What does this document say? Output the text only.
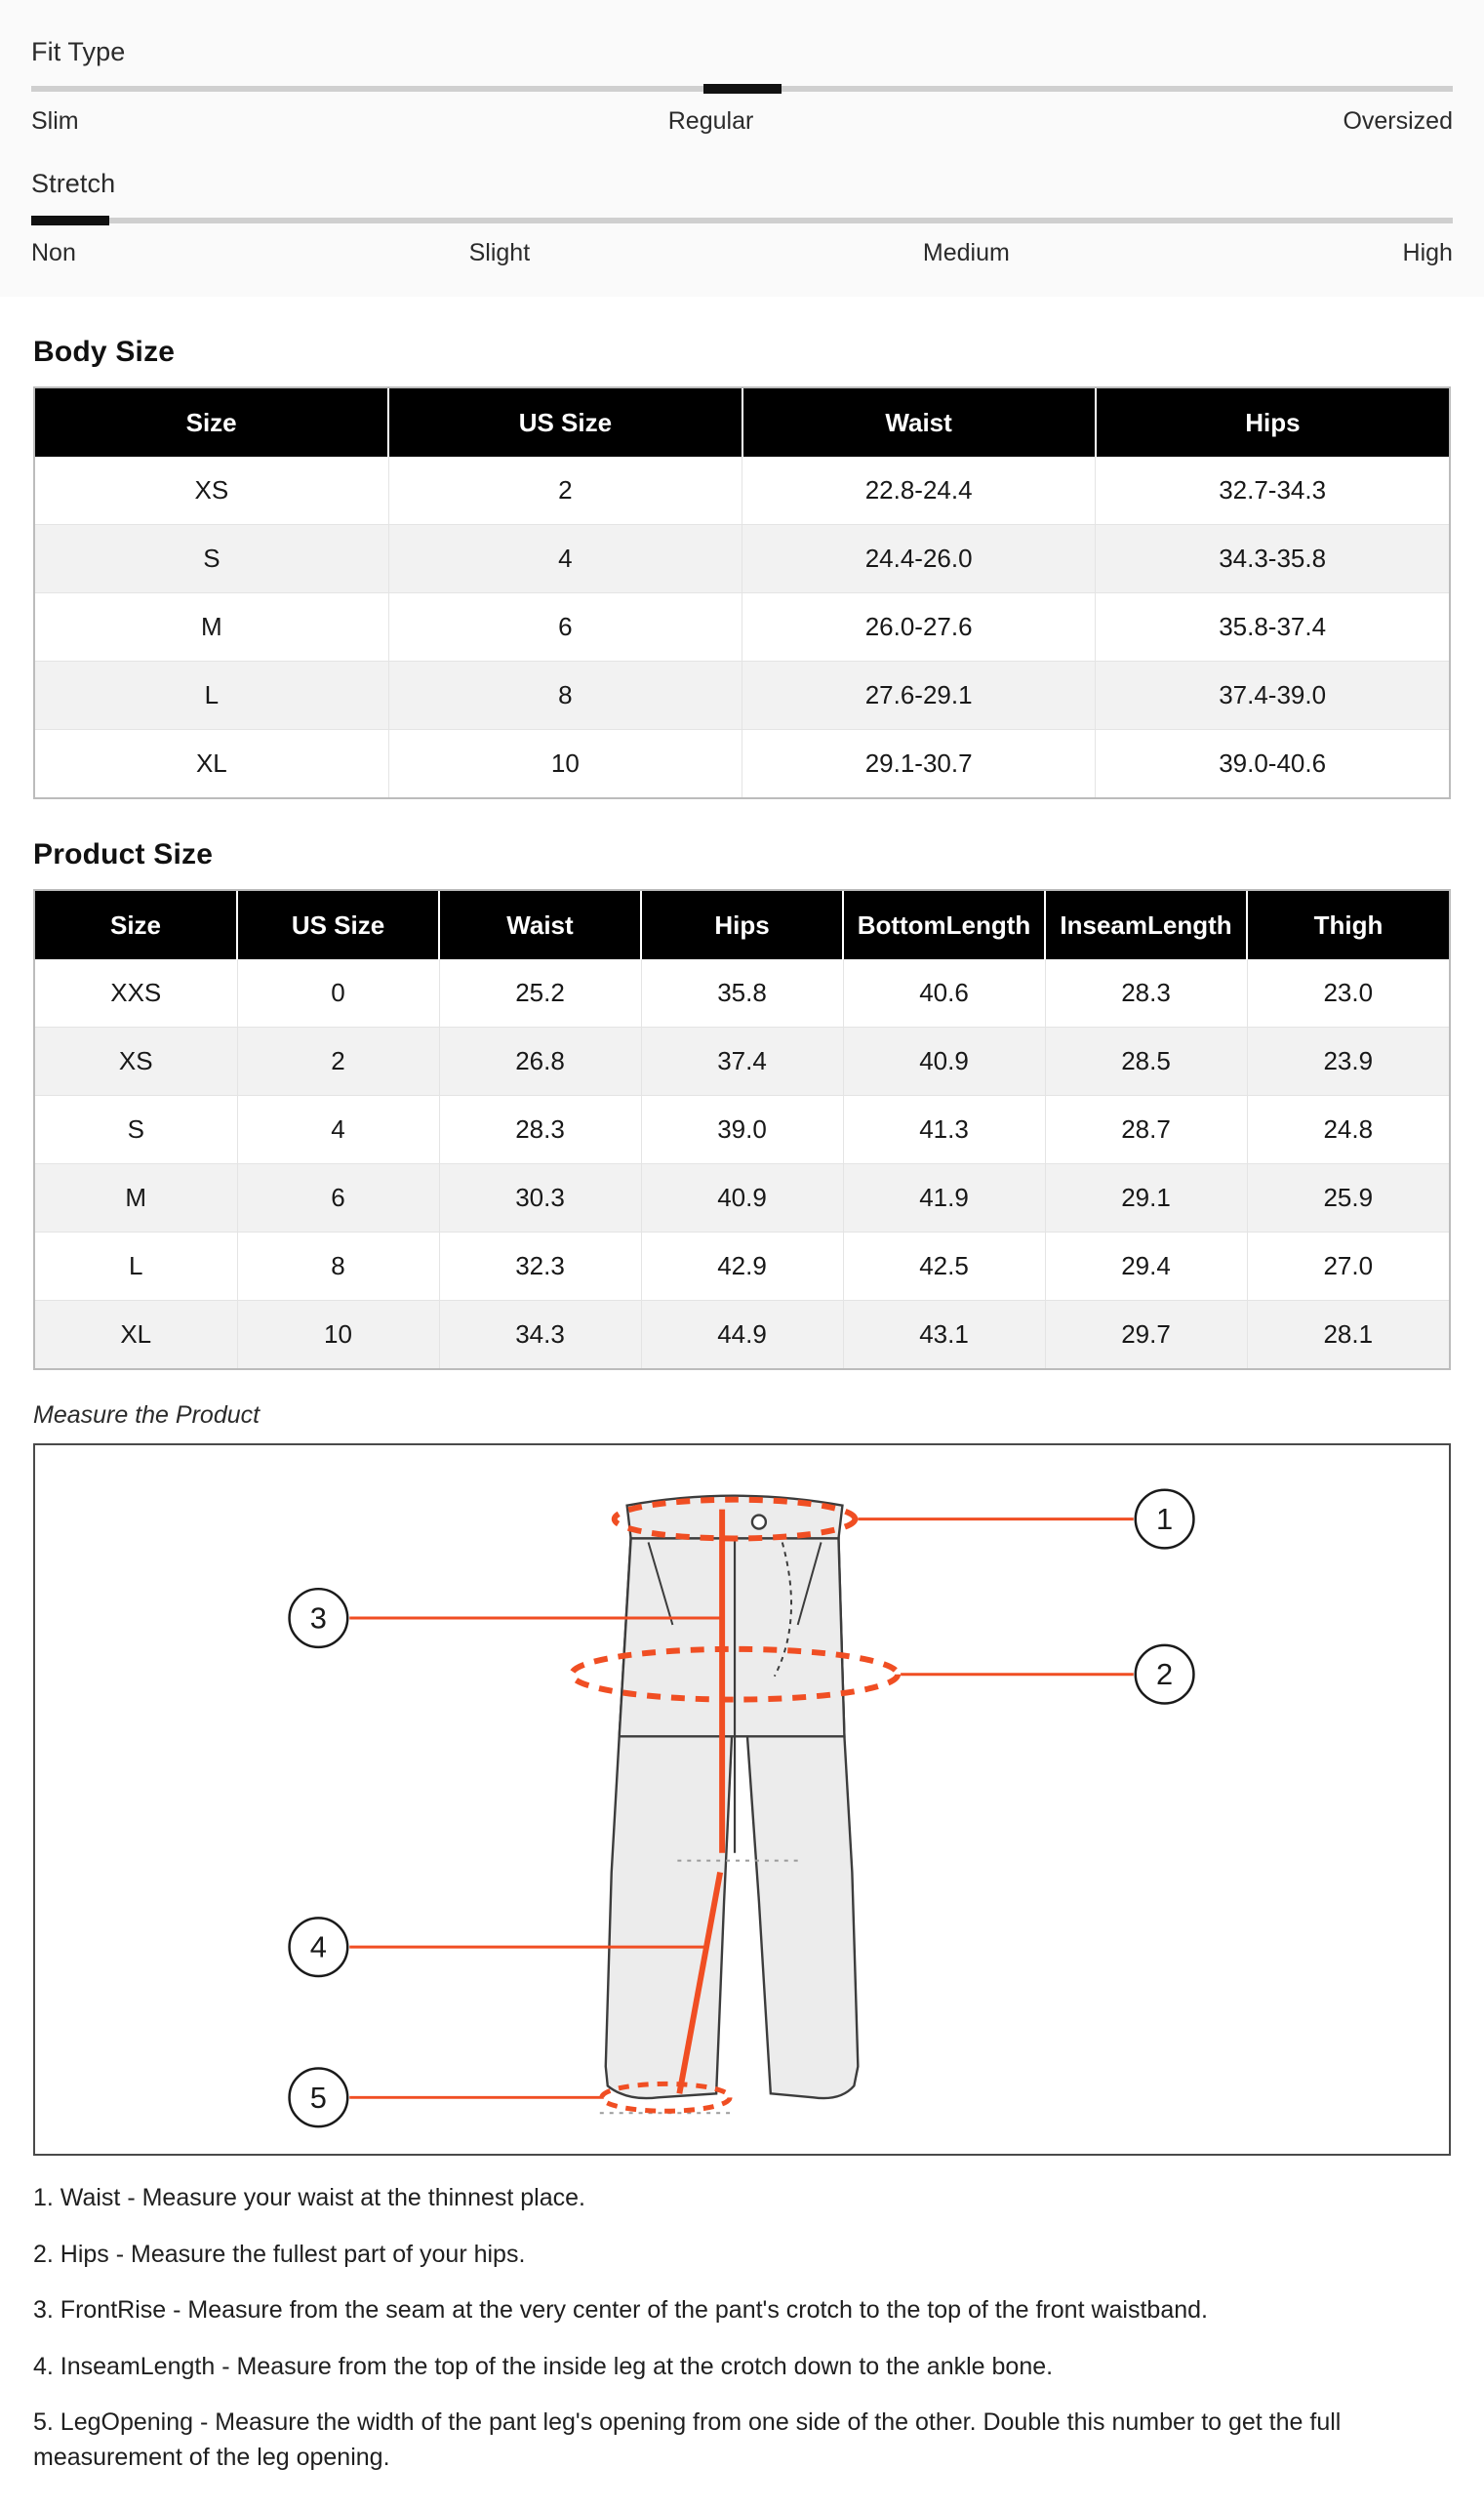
Fit Type
Slim	Regular	Oversized
Stretch
Non	Slight	Medium	High
Body Size
Size	US Size	Waist	Hips
XS	2	22.8-24.4	32.7-34.3
S	4	24.4-26.0	34.3-35.8
M	6	26.0-27.6	35.8-37.4
L	8	27.6-29.1	37.4-39.0
XL	10	29.1-30.7	39.0-40.6
Product Size
Size	US Size	Waist	Hips	BottomLength	InseamLength	Thigh
XXS	0	25.2	35.8	40.6	28.3	23.0
XS	2	26.8	37.4	40.9	28.5	23.9
S	4	28.3	39.0	41.3	28.7	24.8
M	6	30.3	40.9	41.9	29.1	25.9
L	8	32.3	42.9	42.5	29.4	27.0
XL	10	34.3	44.9	43.1	29.7	28.1
Measure the Product
1
2
3
4
5
1. Waist - Measure your waist at the thinnest place.
2. Hips - Measure the fullest part of your hips.
3. FrontRise - Measure from the seam at the very center of the pant's crotch to the top of the front waistband.
4. InseamLength - Measure from the top of the inside leg at the crotch down to the ankle bone.
5. LegOpening - Measure the width of the pant leg's opening from one side of the other. Double this number to get the full measurement of the leg opening.
